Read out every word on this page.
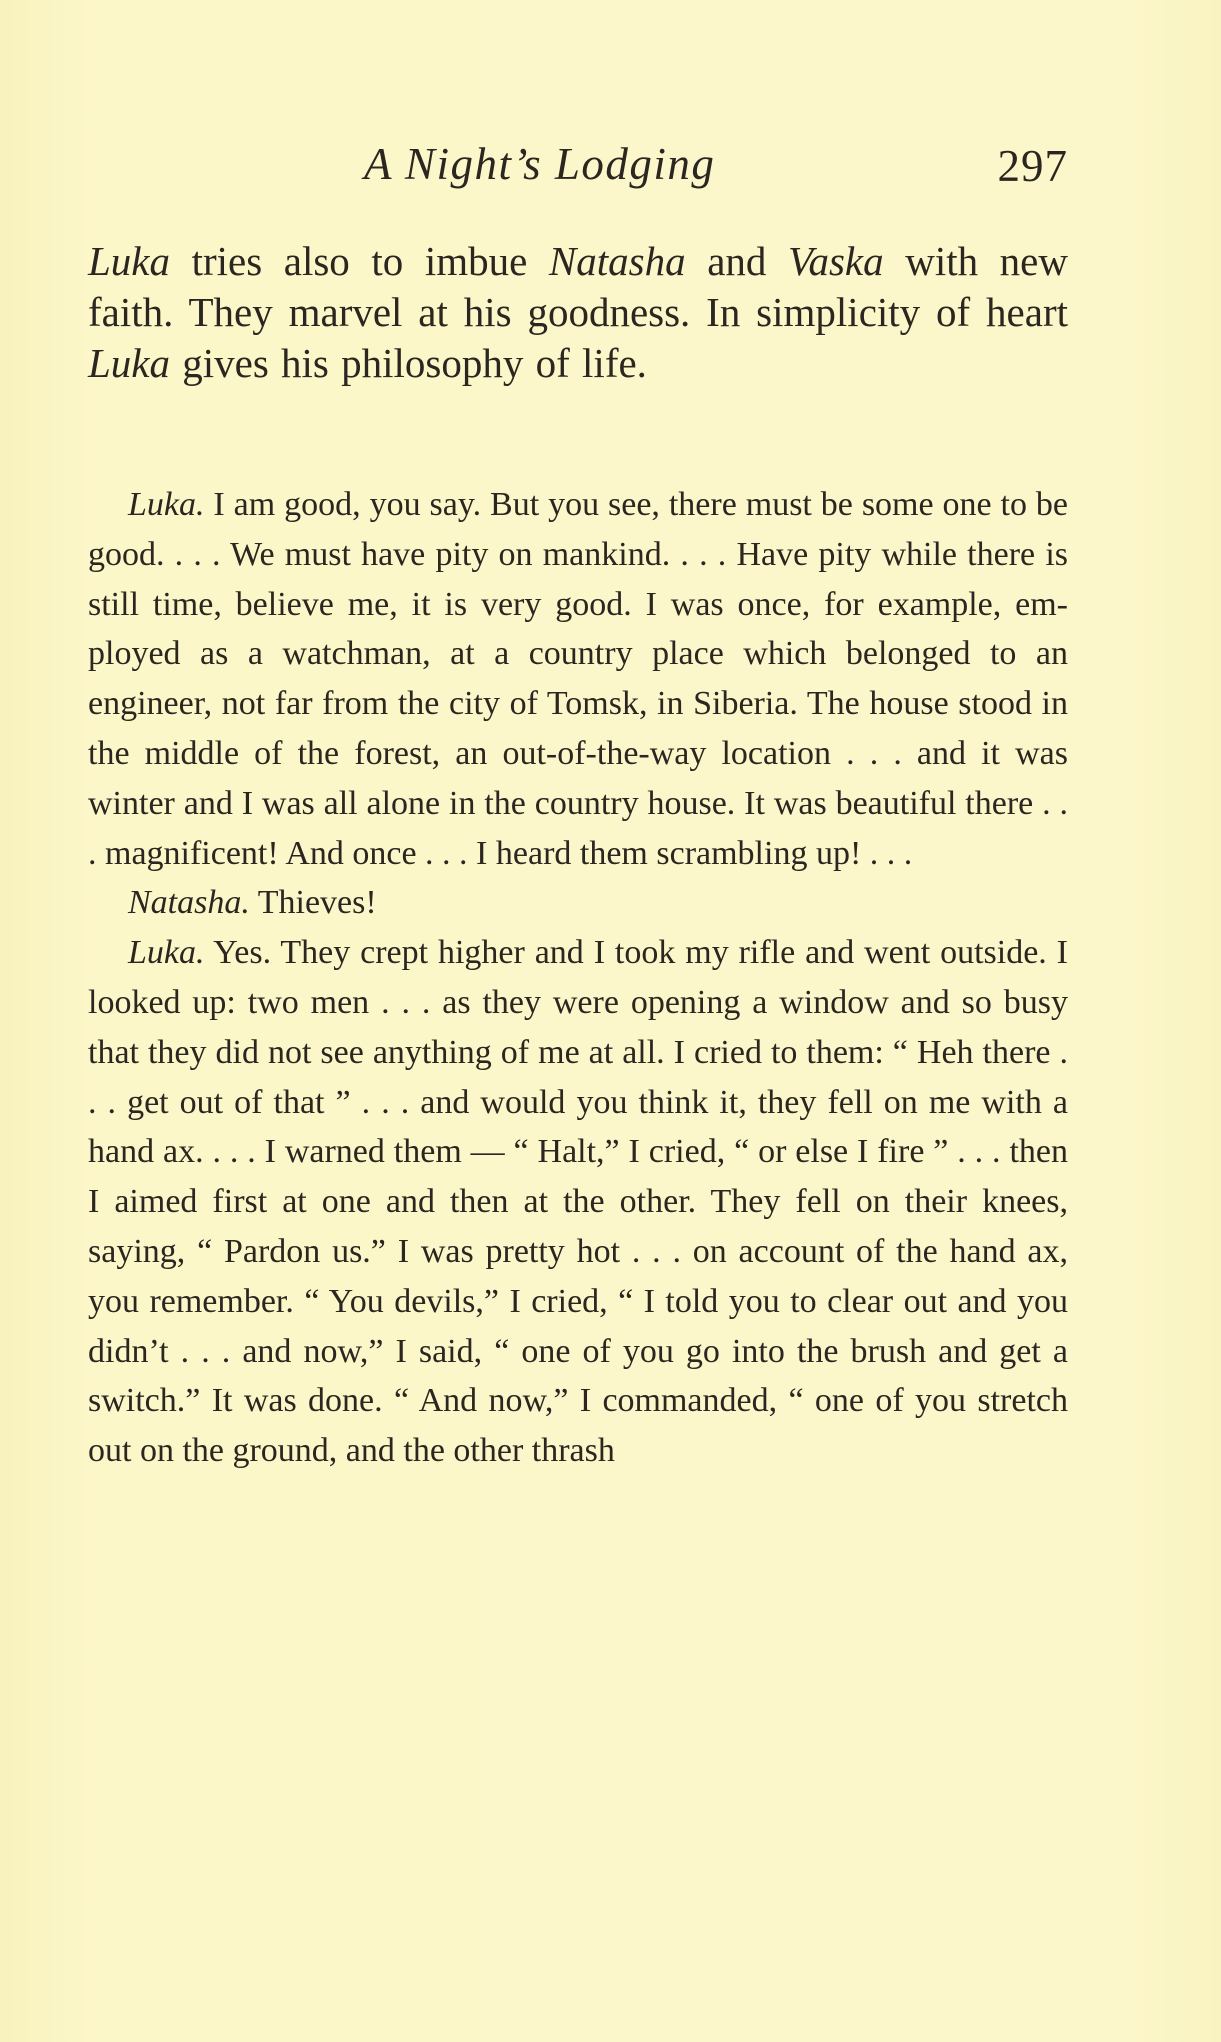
A Night’s Lodging	297

Luka tries also to imbue Natasha and Vaska with new faith. They marvel at his goodness. In simplicity of heart Luka gives his philosophy of life.

Luka. I am good, you say. But you see, there must be some one to be good. . . . We must have pity on mankind. . . . Have pity while there is still time, believe me, it is very good. I was once, for example, employed as a watchman, at a country place which belonged to an engineer, not far from the city of Tomsk, in Siberia. The house stood in the middle of the forest, an out-of-the-way location . . . and it was winter and I was all alone in the country house. It was beautiful there . . . magnificent! And once . . . I heard them scrambling up! . . .

Natasha. Thieves!

Luka. Yes. They crept higher and I took my rifle and went outside. I looked up: two men . . . as they were opening a window and so busy that they did not see anything of me at all. I cried to them: “ Heh there . . . get out of that ” . . . and would you think it, they fell on me with a hand ax. . . . I warned them — “ Halt,” I cried, “ or else I fire ” . . . then I aimed first at one and then at the other. They fell on their knees, saying, “ Pardon us.” I was pretty hot . . . on account of the hand ax, you remember. “ You devils,” I cried, “ I told you to clear out and you didn’t . . . and now,” I said, “ one of you go into the brush and get a switch.” It was done. “ And now,” I commanded, “ one of you stretch out on the ground, and the other thrash
